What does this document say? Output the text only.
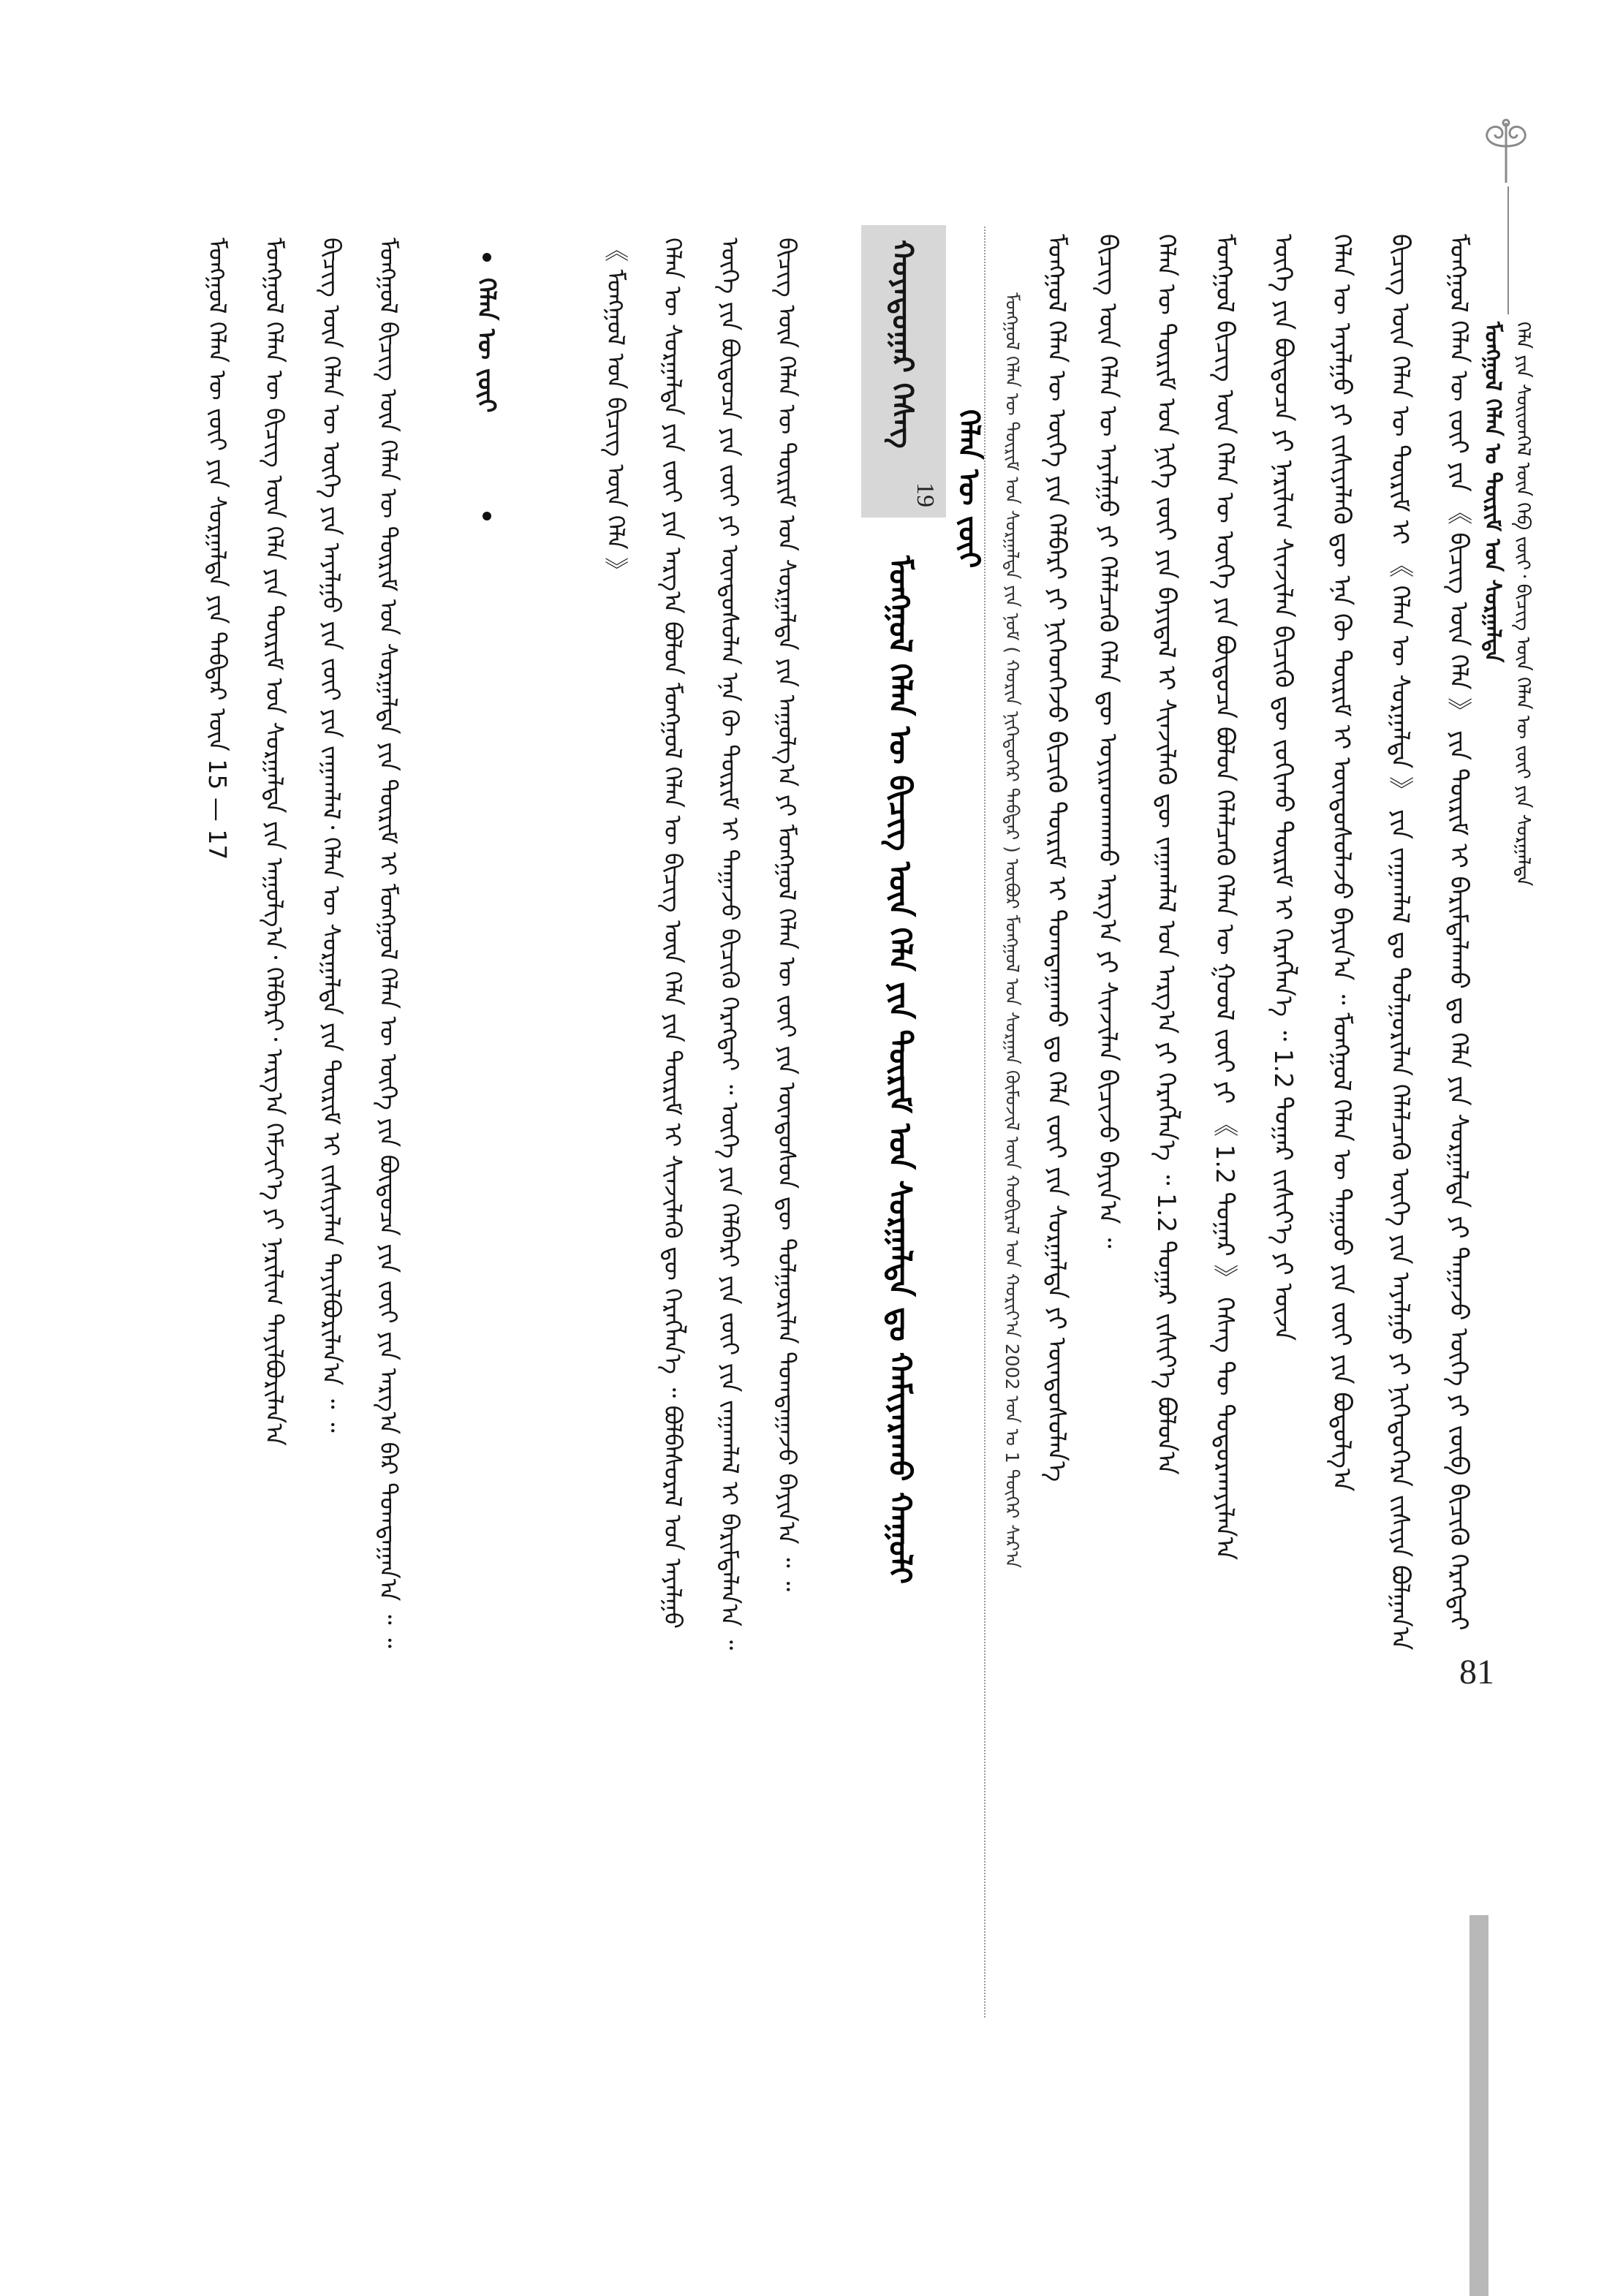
ᠮᠣᠩᠭᠣᠯ ᠬᠡᠯᠡᠨ ᠤ ᠳᠦᠷᠢᠮ ᠤᠨ ᠰᠤᠷᠭᠠᠯᠳᠠ ᠬᠡᠯᠡ ᠶᠢᠨ ᠰᠦᠢᠳᠬᠡᠯ ᠦᠨ ᠬᠡᠪ ᠵᠦᠢ᠂ ᠪᠢᠴᠢᠭ᠌ ᠦᠨ ᠬᠡᠯᠡᠨ ᠦ ᠵᠦᠢ ᠶᠢᠨ ᠰᠤᠷᠭᠠᠯᠳᠠ
81
ᠮᠣᠩᠭᠣᠯ ᠬᠡᠯᠡᠨ ᠦ ᠵᠦᠢ ᠶᠢᠨ 《 ᠪᠢᠴᠢᠭ᠌ ᠦᠨ ᠬᠡᠯᠡ 》 ᠶᠢᠨ ᠳᠦᠷᠢᠮ ᠢ ᠪᠠᠷᠢᠮᠳᠠᠯᠠᠬᠤ ᠳᠤ ᠬᠡᠯᠡ ᠶᠢᠨ ᠰᠤᠷᠭᠠᠯᠳᠠ ᠶᠢ ᠳᠠᠭᠠᠵᠤ ᠦᠭᠡ ᠶᠢ ᠵᠦᠪ ᠪᠢᠴᠢᠬᠦ ᠬᠡᠷᠡᠭᠳᠡᠢ
ᠪᠢᠴᠢᠭ᠌ ᠦᠨ ᠬᠡᠯᠡᠨ ᠦ ᠳᠦᠷᠢᠮ ᠢ 《 ᠬᠡᠯᠡᠨ ᠦ ᠰᠤᠷᠭᠠᠯᠳᠠ 》 ᠶᠢᠨ ᠵᠠᠭᠠᠭᠯᠠᠯ ᠳᠤ ᠲᠤᠯᠭᠤᠷᠢᠯᠠᠨ ᠬᠡᠯᠡᠯᠴᠡᠬᠦ ᠦᠭᠡ ᠶᠢᠨ ᠠᠶᠠᠯᠭᠤ ᠶᠢ ᠨᠢᠭᠡᠳᠦᠭᠡᠷᠡ ᠵᠢᠱᠢᠶᠡ ᠪᠣᠯᠭᠠᠨ᠎ᠠ
ᠬᠡᠯᠡᠨ ᠦ ᠠᠶᠠᠯᠭᠤ ᠶᠢ ᠵᠢᠱᠢᠶᠡᠯᠡᠬᠦ ᠳᠦ ᠡᠨᠡ ᠬᠦ ᠳᠦᠷᠢᠮ ᠢ ᠦᠨᠳᠦᠰᠦᠯᠡᠵᠦ ᠪᠠᠶᠢᠨ᠎ᠠ ᠃ ᠮᠣᠩᠭᠣᠯ ᠬᠡᠯᠡᠨ ᠦ ᠳᠠᠭᠤᠤ ᠶᠢᠨ ᠵᠦᠢ ᠶᠢᠨ ᠪᠣᠳᠤᠯᠭ᠎ᠠ
ᠦᠭᠡ ᠶᠢᠨ ᠪᠦᠲᠦᠴᠡ ᠶᠢ ᠨᠠᠷᠢᠯᠢᠭ ᠰᠢᠨᠵᠢᠯᠡᠨ ᠪᠢᠴᠢᠬᠦ ᠳᠦ ᠵᠣᠬᠢᠬᠤ ᠳᠦᠷᠢᠮ ᠢ ᠬᠡᠷᠡᠭᠯᠡᠨ᠎ᠡ ᠃ 1.2 ᠳᠤᠭᠠᠷ ᠵᠢᠰᠢᠶ᠎ᠡ ᠶᠢ ᠦᠵᠡ
ᠮᠣᠩᠭᠣᠯ ᠪᠢᠴᠢᠭ᠌ ᠦᠨ ᠬᠡᠯᠡᠨ ᠦ ᠦᠭᠡ ᠶᠢᠨ ᠪᠦᠲᠦᠴᠡ ᠪᠣᠯᠤᠨ ᠬᠡᠯᠡᠯᠴᠡᠬᠦ ᠬᠡᠯᠡᠨ ᠦ ᠭᠤᠤᠯ ᠵᠦᠢ ᠶᠢ 《 1.2 ᠳᠤᠭᠠᠷ 》 ᠬᠡᠰᠡᠭ ᠲᠦ ᠲᠣᠳᠣᠷᠬᠠᠶᠢᠯᠠᠨ᠎ᠠ
ᠬᠡᠯᠡᠨ ᠦ ᠳᠦᠷᠢᠮ ᠤᠨ ᠨᠢᠭᠡ ᠵᠦᠢ ᠶᠢᠨ ᠪᠠᠶᠢᠳᠠᠯ ᠢ ᠰᠢᠨᠵᠢᠯᠡᠬᠦ ᠳᠦ ᠵᠠᠭᠠᠭᠯᠠᠯ ᠤᠨ ᠠᠷᠭ᠎ᠠ ᠶᠢ ᠬᠡᠷᠡᠭᠯᠡᠨ᠎ᠡ ᠃ 1.2 ᠳᠤᠭᠠᠷ ᠵᠢᠰᠢᠶ᠎ᠡ ᠪᠣᠯᠤᠨ᠎ᠠ
ᠪᠢᠴᠢᠭ᠌ ᠦᠨ ᠬᠡᠯᠡᠨ ᠦ ᠠᠶᠠᠯᠭᠤ ᠶᠢ ᠬᠡᠯᠡᠯᠴᠡᠬᠦ ᠬᠡᠯᠡᠨ ᠳᠦ ᠣᠶᠢᠷᠠᠳᠬᠠᠬᠤ ᠠᠷᠭ᠎ᠠ ᠶᠢ ᠰᠢᠨᠵᠢᠯᠡᠨ ᠪᠢᠴᠢᠵᠦ ᠪᠠᠶᠢᠨ᠎ᠠ ᠃
ᠮᠣᠩᠭᠣᠯ ᠬᠡᠯᠡᠨ ᠦ ᠦᠭᠡ ᠶᠢᠨ ᠬᠡᠯᠪᠡᠷᠢ ᠶᠢ ᠨᠢᠭᠡᠳᠭᠡᠵᠦ ᠪᠢᠴᠢᠬᠦ ᠳᠦᠷᠢᠮ ᠢ ᠲᠣᠭᠲᠠᠭᠠᠬᠤ ᠳᠤ ᠬᠡᠯᠡ ᠵᠦᠢ ᠶᠢᠨ ᠰᠤᠷᠭᠠᠯᠳᠠ ᠶᠢ ᠦᠨᠳᠦᠰᠦᠯᠡᠨ᠎ᠡ
ᠮᠣᠩᠭᠣᠯ ᠬᠡᠯᠡᠨ ᠦ ᠳᠦᠷᠢᠮ ᠤᠨ ᠰᠤᠷᠭᠠᠯᠳᠠ ᠶᠢᠨ ᠨᠣᠮ ( ᠬᠣᠷᠢᠨ ᠨᠢᠭᠡᠳᠦᠭᠡᠷ ᠳᠡᠪᠲᠡᠷ ) ᠦᠪᠦᠷ ᠮᠣᠩᠭᠣᠯ ᠤᠨ ᠰᠤᠷᠭᠠᠨ ᠬᠦᠮᠦᠵᠢᠯ ᠦᠨ ᠬᠣᠪᠢᠷᠠᠯ ᠤᠨ ᠬᠣᠷᠢᠶ᠎ᠠ 2002 ᠣᠨ ᠤ 1 ᠳᠦᠭᠡᠷ ᠰᠠᠷ᠎ᠠ
ᠬᠣᠶᠠᠳᠤᠭᠠᠷ ᠬᠡᠰᠡᠭ
19
ᠮᠣᠩᠭᠣᠯ ᠬᠡᠯᠡᠨ ᠦ ᠪᠢᠴᠢᠭ᠌ ᠦᠨ ᠬᠡᠯᠡ ᠶᠢᠨ ᠳᠦᠷᠢᠮ ᠤᠨ ᠰᠤᠷᠭᠠᠯᠳᠠ ᠳᠤ ᠬᠠᠮᠢᠶᠠᠷᠠᠬᠤ ᠬᠠᠭᠤᠯᠢ
ᠬᠡᠯᠡᠨ ᠦ ᠵᠦᠢ
ᠪᠢᠴᠢᠭ᠌ ᠦᠨ ᠬᠡᠯᠡᠨ ᠦ ᠳᠦᠷᠢᠮ ᠤᠨ ᠰᠤᠷᠭᠠᠯᠳᠠ ᠶᠢᠨ ᠠᠭᠤᠯᠭ᠎ᠠ ᠶᠢ ᠮᠣᠩᠭᠣᠯ ᠬᠡᠯᠡᠨ ᠦ ᠵᠦᠢ ᠶᠢᠨ ᠦᠨᠳᠦᠰᠦᠨ ᠳᠦ ᠲᠤᠯᠭᠤᠷᠢᠯᠠᠨ ᠲᠣᠭᠲᠠᠭᠠᠵᠤ ᠪᠠᠶᠢᠨ᠎ᠠ ᠃ ᠃
ᠦᠭᠡ ᠶᠢᠨ ᠪᠦᠲᠦᠴᠡ ᠶᠢᠨ ᠵᠦᠢ ᠶᠢ ᠦᠨᠳᠦᠰᠦᠯᠡᠨ ᠡᠨᠡ ᠬᠦ ᠳᠦᠷᠢᠮ ᠢ ᠳᠠᠭᠠᠵᠤ ᠪᠢᠴᠢᠬᠦ ᠬᠡᠷᠡᠭᠳᠡᠢ ᠃ ᠦᠭᠡ ᠶᠢᠨ ᠬᠡᠯᠪᠡᠷᠢ ᠶᠢᠨ ᠵᠦᠢ ᠶᠢᠨ ᠵᠠᠭᠠᠭᠯᠠᠯ ᠢ ᠪᠠᠷᠢᠮᠳᠠᠯᠠᠨ᠎ᠠ ᠃
ᠬᠡᠯᠡᠨ ᠦ ᠰᠤᠷᠭᠠᠯᠳᠠ ᠶᠢᠨ ᠵᠦᠢ ᠶᠢᠨ ᠠᠷᠭ᠎ᠠ ᠪᠣᠯᠤᠨ ᠮᠣᠩᠭᠣᠯ ᠬᠡᠯᠡᠨ ᠦ ᠪᠢᠴᠢᠭ᠌ ᠦᠨ ᠬᠡᠯᠡ ᠶᠢᠨ ᠳᠦᠷᠢᠮ ᠢ ᠰᠢᠨᠵᠢᠯᠡᠬᠦ ᠳᠦ ᠬᠡᠷᠡᠭᠯᠡᠨ᠎ᠡ ᠃ ᠪᠣᠯᠪᠠᠰᠤᠷᠠᠯ ᠤᠨ ᠠᠶᠠᠯᠭᠤ
《 ᠮᠣᠩᠭᠣᠯ ᠤᠨ ᠪᠢᠴᠢᠭ᠌ ᠦᠨ ᠬᠡᠯᠡ 》
ᠬᠡᠯᠡᠨ ᠦ ᠵᠦᠢ
ᠮᠣᠩᠭᠣᠯ ᠪᠢᠴᠢᠭ᠌ ᠦᠨ ᠬᠡᠯᠡᠨ ᠦ ᠳᠦᠷᠢᠮ ᠤᠨ ᠰᠤᠷᠭᠠᠯᠳᠠ ᠶᠢᠨ ᠳᠦᠷᠢᠮ ᠢ ᠮᠣᠩᠭᠣᠯ ᠬᠡᠯᠡᠨ ᠦ ᠦᠭᠡ ᠶᠢᠨ ᠪᠦᠲᠦᠴᠡ ᠶᠢᠨ ᠵᠦᠢ ᠶᠢᠨ ᠠᠷᠭ᠎ᠠ ᠪᠠᠷ ᠲᠣᠭᠲᠠᠭᠠᠨ᠎ᠠ ᠃ ᠃
ᠪᠢᠴᠢᠭ᠌ ᠦᠨ ᠬᠡᠯᠡᠨ ᠦ ᠦᠭᠡ ᠶᠢᠨ ᠠᠶᠠᠯᠭᠤ ᠶᠢᠨ ᠵᠦᠢ ᠶᠢᠨ ᠵᠠᠭᠠᠭᠯᠠᠯ᠂ ᠬᠡᠯᠡᠨ ᠦ ᠰᠤᠷᠭᠠᠯᠳᠠ ᠶᠢᠨ ᠳᠦᠷᠢᠮ ᠢ ᠵᠢᠱᠢᠶᠡᠯᠡᠨ ᠲᠠᠶᠢᠯᠪᠤᠷᠢᠯᠠᠨ᠎ᠠ ᠃ ᠃
ᠮᠣᠩᠭᠣᠯ ᠬᠡᠯᠡᠨ ᠦ ᠪᠢᠴᠢᠭ᠌ ᠦᠨ ᠬᠡᠯᠡ ᠶᠢᠨ ᠳᠦᠷᠢᠮ ᠤᠨ ᠰᠤᠷᠭᠠᠯᠳᠠ ᠶᠢᠨ ᠠᠭᠤᠯᠭ᠎ᠠ᠂ ᠬᠡᠯᠪᠡᠷᠢ᠂ ᠠᠷᠭ᠎ᠠ ᠬᠡᠮᠵᠢᠶ᠎ᠡ ᠶᠢ ᠨᠠᠷᠢᠯᠢᠭ ᠲᠠᠶᠢᠯᠪᠤᠷᠢᠯᠠᠨ᠎ᠠ
ᠮᠣᠩᠭᠣᠯ ᠬᠡᠯᠡᠨ ᠦ ᠵᠦᠢ ᠶᠢᠨ ᠰᠤᠷᠭᠠᠯᠳᠠ ᠶᠢᠨ ᠳᠡᠪᠲᠡᠷ ᠦᠨ 15 — 17
